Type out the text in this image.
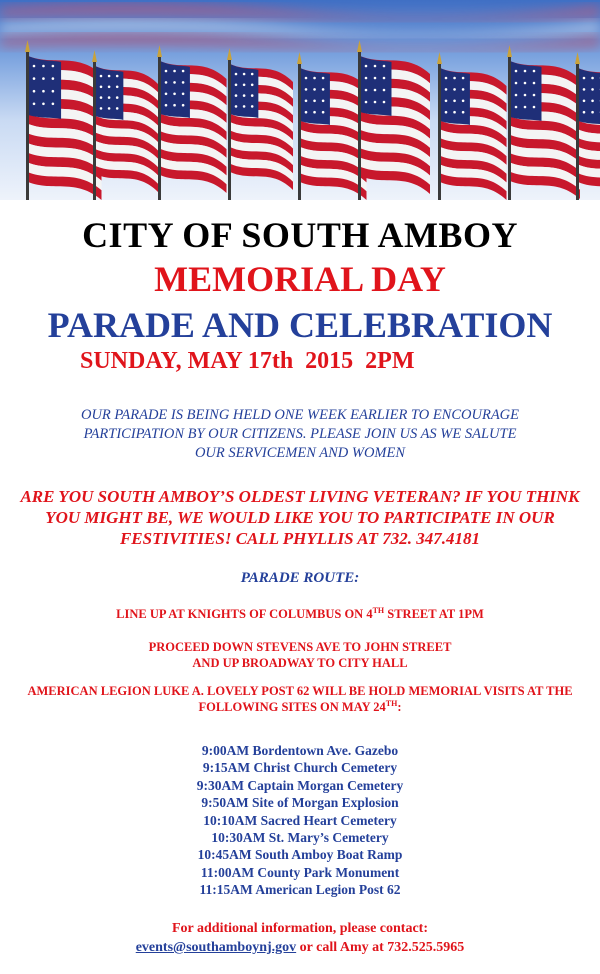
CITY OF SOUTH AMBOY
MEMORIAL DAY
PARADE AND CELEBRATION
SUNDAY, MAY 17th  2015  2PM
OUR PARADE IS BEING HELD ONE WEEK EARLIER TO ENCOURAGE
PARTICIPATION BY OUR CITIZENS. PLEASE JOIN US AS WE SALUTE
OUR SERVICEMEN AND WOMEN
ARE YOU SOUTH AMBOY’S OLDEST LIVING VETERAN? IF YOU THINK
YOU MIGHT BE, WE WOULD LIKE YOU TO PARTICIPATE IN OUR
FESTIVITIES! CALL PHYLLIS AT 732. 347.4181
PARADE ROUTE:
LINE UP AT KNIGHTS OF COLUMBUS ON 4TH STREET AT 1PM
PROCEED DOWN STEVENS AVE TO JOHN STREET
AND UP BROADWAY TO CITY HALL
AMERICAN LEGION LUKE A. LOVELY POST 62 WILL BE HOLD MEMORIAL VISITS AT THE
FOLLOWING SITES ON MAY 24TH:
9:00AM Bordentown Ave. Gazebo
9:15AM Christ Church Cemetery
9:30AM Captain Morgan Cemetery
9:50AM Site of Morgan Explosion
10:10AM Sacred Heart Cemetery
10:30AM St. Mary’s Cemetery
10:45AM South Amboy Boat Ramp
11:00AM County Park Monument
11:15AM American Legion Post 62
For additional information, please contact:
events@southamboynj.gov or call Amy at 732.525.5965
